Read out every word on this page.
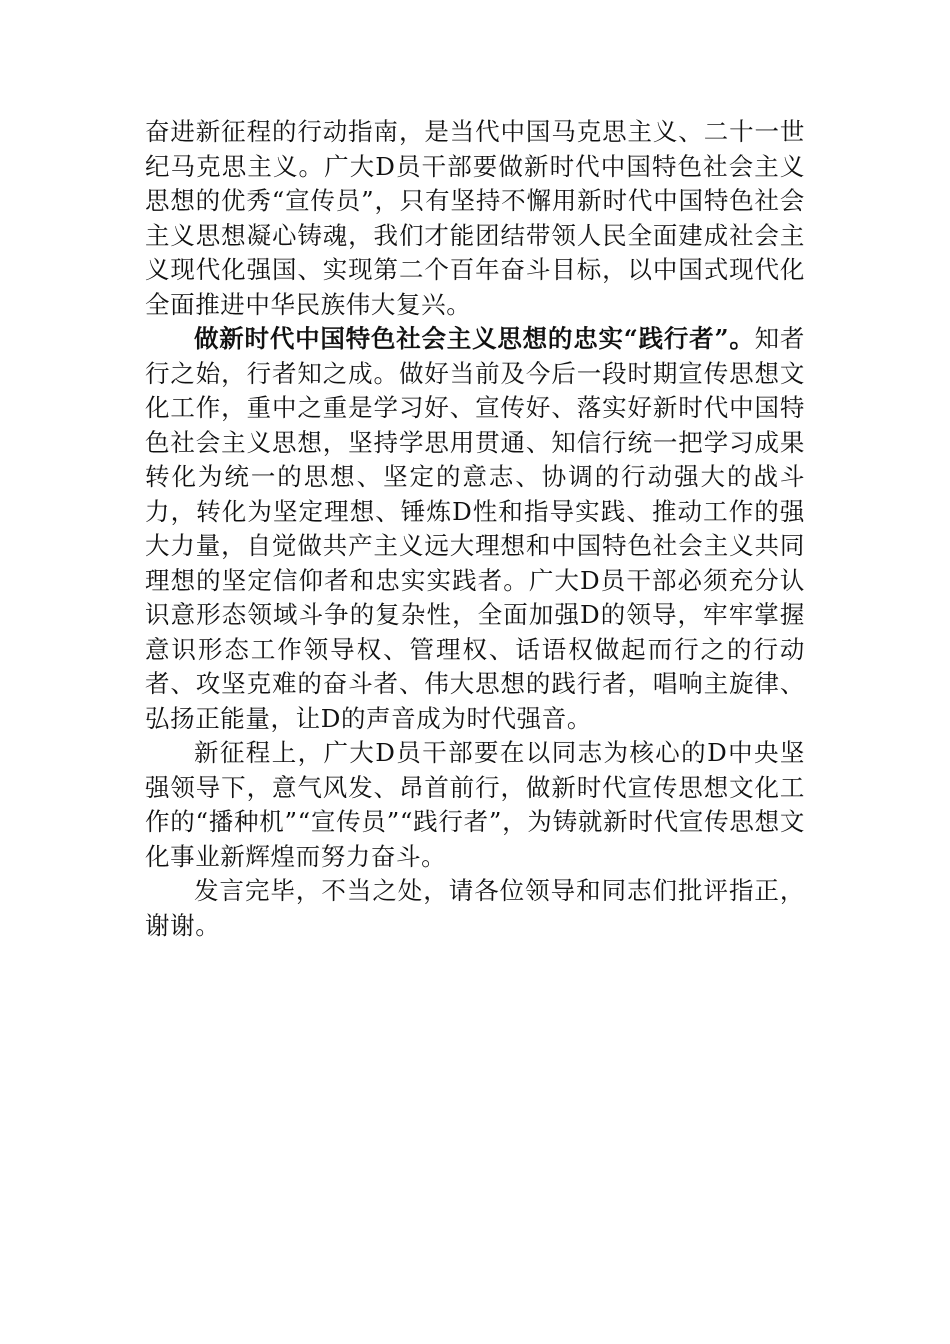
奋进新征程的行动指南，是当代中国马克思主义、二十一世纪马克思主义。广大D员干部要做新时代中国特色社会主义思想的优秀“宣传员”，只有坚持不懈用新时代中国特色社会主义思想凝心铸魂，我们才能团结带领人民全面建成社会主义现代化强国、实现第二个百年奋斗目标，以中国式现代化全面推进中华民族伟大复兴。

做新时代中国特色社会主义思想的忠实“践行者”。知者行之始，行者知之成。做好当前及今后一段时期宣传思想文化工作，重中之重是学习好、宣传好、落实好新时代中国特色社会主义思想，坚持学思用贯通、知信行统一把学习成果转化为统一的思想、坚定的意志、协调的行动强大的战斗力，转化为坚定理想、锤炼D性和指导实践、推动工作的强大力量，自觉做共产主义远大理想和中国特色社会主义共同理想的坚定信仰者和忠实实践者。广大D员干部必须充分认识意形态领域斗争的复杂性，全面加强D的领导，牢牢掌握意识形态工作领导权、管理权、话语权做起而行之的行动者、攻坚克难的奋斗者、伟大思想的践行者，唱响主旋律、弘扬正能量，让D的声音成为时代强音。

新征程上，广大D员干部要在以同志为核心的D中央坚强领导下，意气风发、昂首前行，做新时代宣传思想文化工作的“播种机”“宣传员”“践行者”，为铸就新时代宣传思想文化事业新辉煌而努力奋斗。

发言完毕，不当之处，请各位领导和同志们批评指正，谢谢。
